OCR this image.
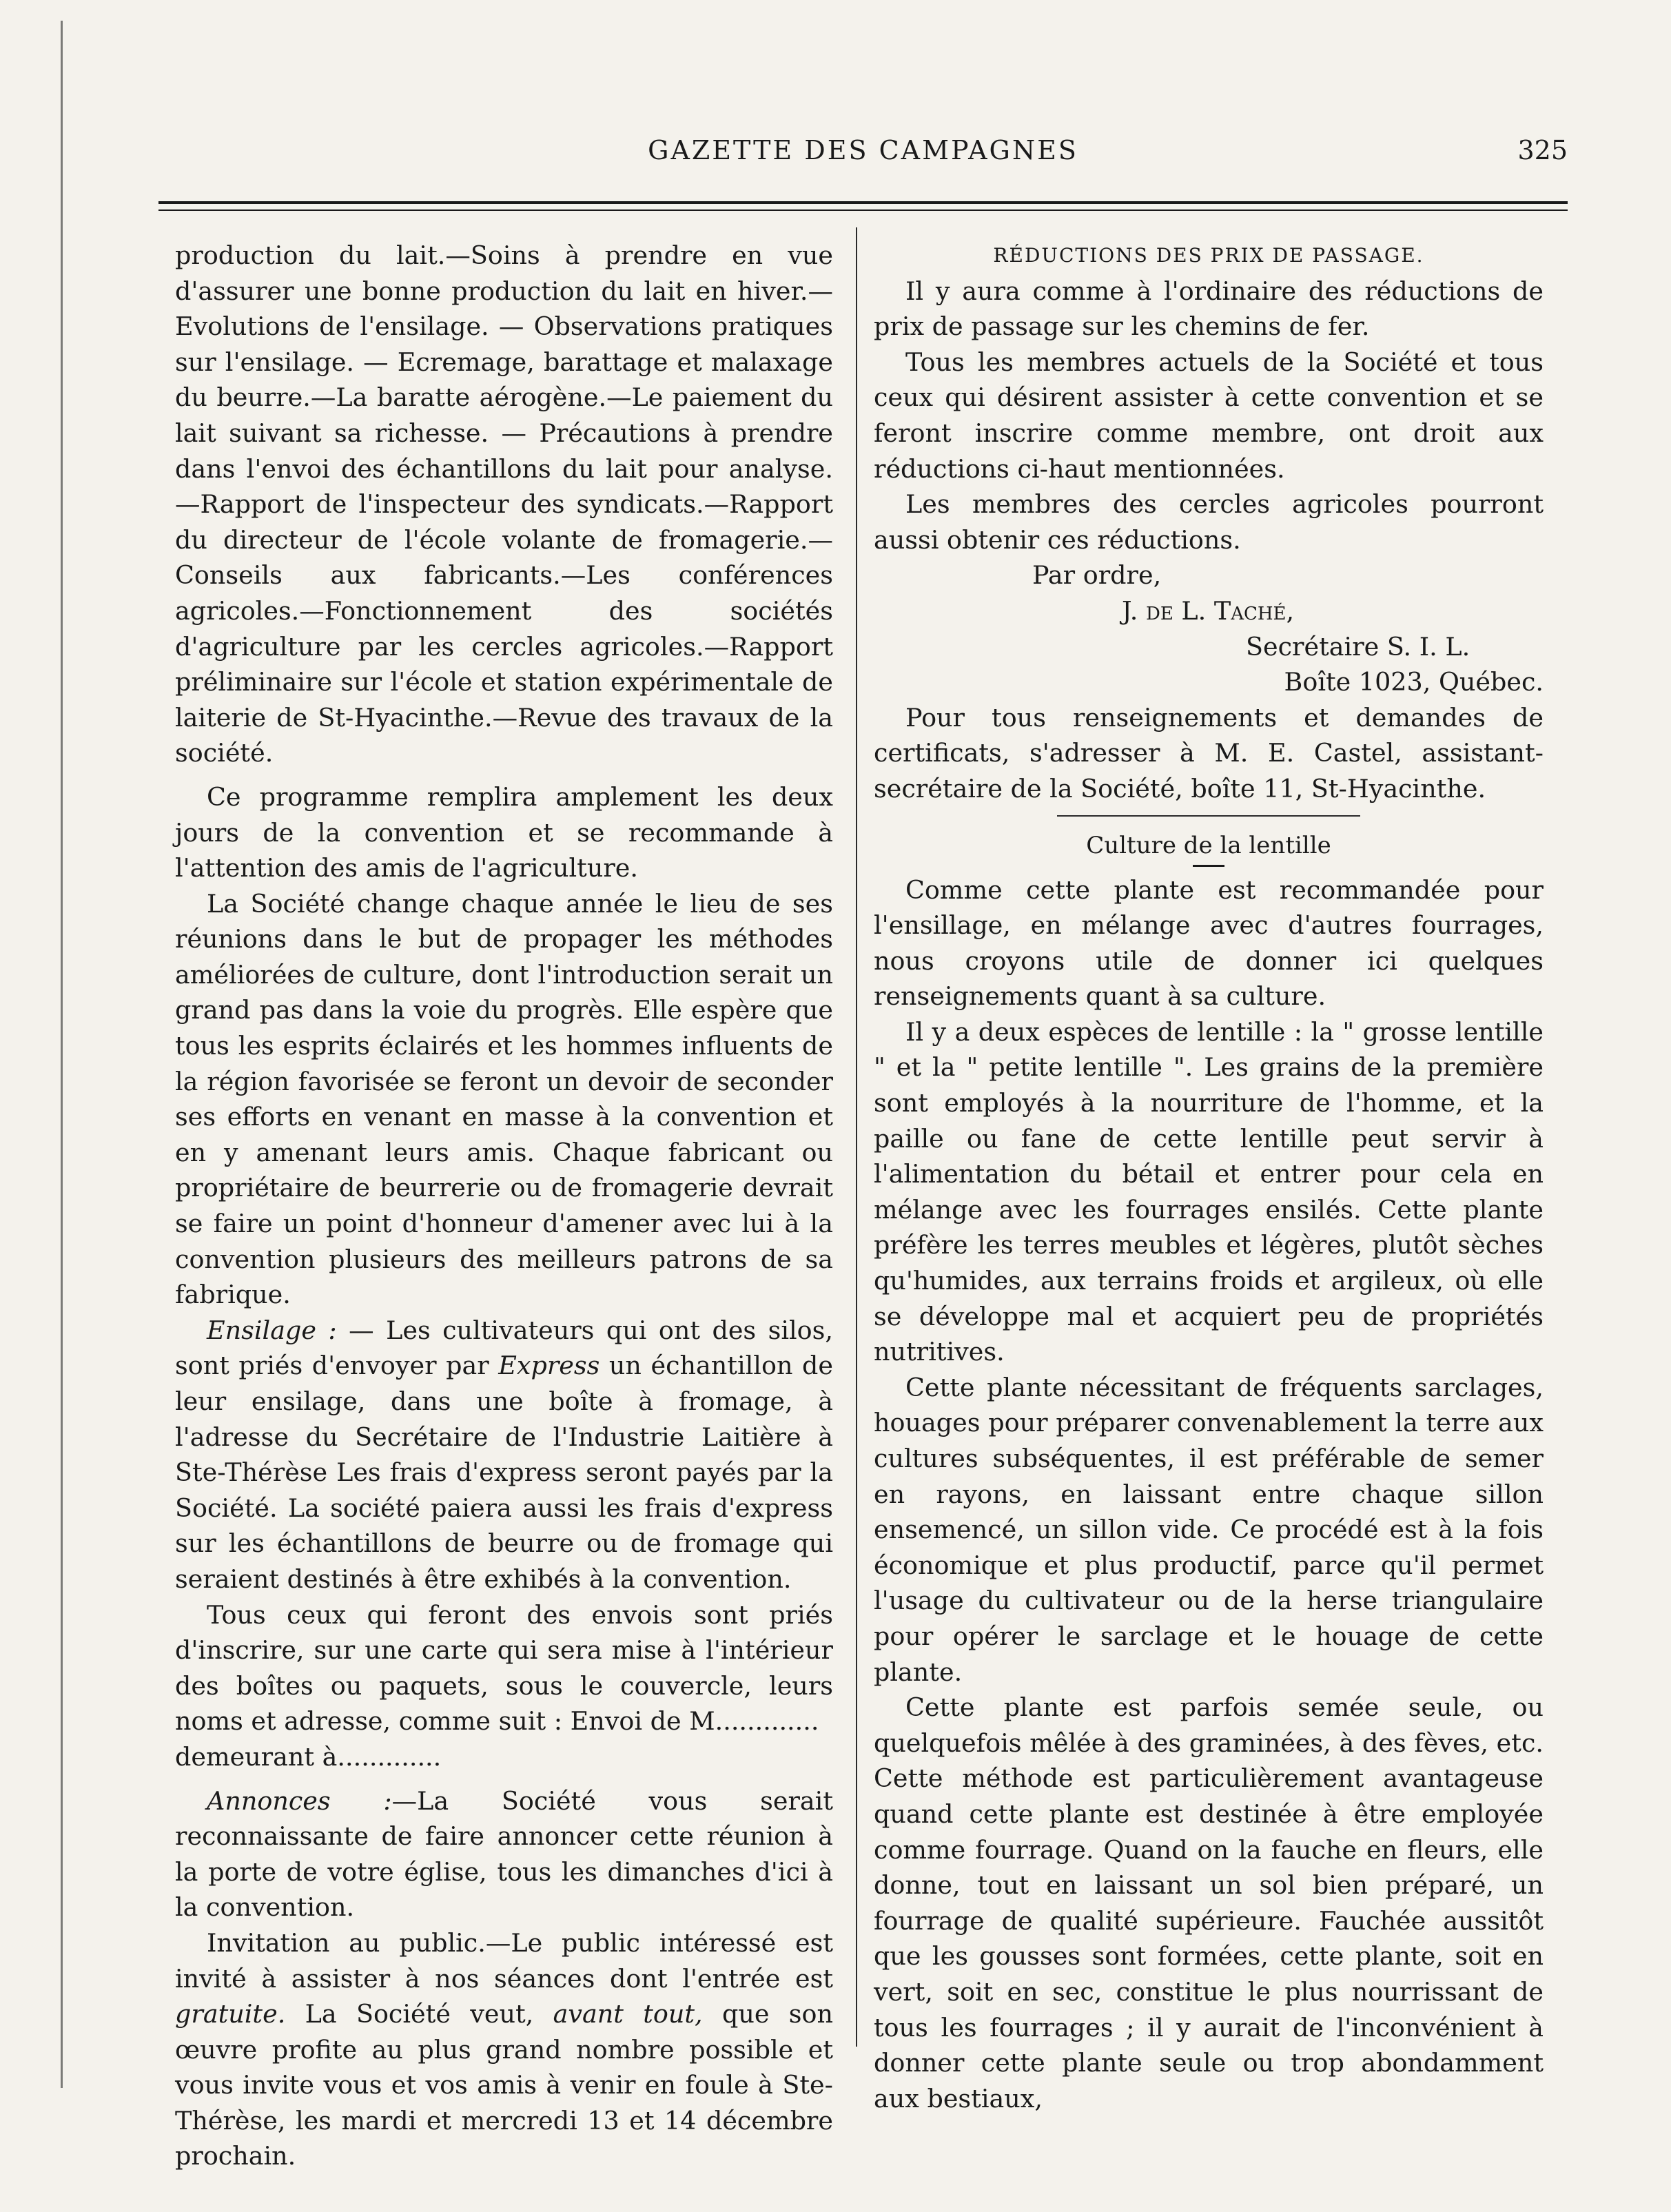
GAZETTE DES CAMPAGNES	325

production du lait.—Soins à prendre en vue d'assurer une bonne production du lait en hiver.—Evolutions de l'ensilage. — Observations pratiques sur l'ensilage. — Ecremage, barattage et malaxage du beurre.—La baratte aérogène.—Le paiement du lait suivant sa richesse. — Précautions à prendre dans l'envoi des échantillons du lait pour analyse.—Rapport de l'inspecteur des syndicats.—Rapport du directeur de l'école volante de fromagerie.—Conseils aux fabricants.—Les conférences agricoles.—Fonctionnement des sociétés d'agriculture par les cercles agricoles.—Rapport préliminaire sur l'école et station expérimentale de laiterie de St-Hyacinthe.—Revue des travaux de la société.

Ce programme remplira amplement les deux jours de la convention et se recommande à l'attention des amis de l'agriculture.

La Société change chaque année le lieu de ses réunions dans le but de propager les méthodes améliorées de culture, dont l'introduction serait un grand pas dans la voie du progrès. Elle espère que tous les esprits éclairés et les hommes influents de la région favorisée se feront un devoir de seconder ses efforts en venant en masse à la convention et en y amenant leurs amis. Chaque fabricant ou propriétaire de beurrerie ou de fromagerie devrait se faire un point d'honneur d'amener avec lui à la convention plusieurs des meilleurs patrons de sa fabrique.

Ensilage : — Les cultivateurs qui ont des silos, sont priés d'envoyer par Express un échantillon de leur ensilage, dans une boîte à fromage, à l'adresse du Secrétaire de l'Industrie Laitière à Ste-Thérèse Les frais d'express seront payés par la Société. La société paiera aussi les frais d'express sur les échantillons de beurre ou de fromage qui seraient destinés à être exhibés à la convention.

Tous ceux qui feront des envois sont priés d'inscrire, sur une carte qui sera mise à l'intérieur des boîtes ou paquets, sous le couvercle, leurs noms et adresse, comme suit : Envoi de M.............

demeurant à.............

Annonces :—La Société vous serait reconnaissante de faire annoncer cette réunion à la porte de votre église, tous les dimanches d'ici à la convention.

Invitation au public.—Le public intéressé est invité à assister à nos séances dont l'entrée est gratuite. La Société veut, avant tout, que son œuvre profite au plus grand nombre possible et vous invite vous et vos amis à venir en foule à Ste-Thérèse, les mardi et mercredi 13 et 14 décembre prochain.

RÉDUCTIONS DES PRIX DE PASSAGE.

Il y aura comme à l'ordinaire des réductions de prix de passage sur les chemins de fer.

Tous les membres actuels de la Société et tous ceux qui désirent assister à cette convention et se feront inscrire comme membre, ont droit aux réductions ci-haut mentionnées.

Les membres des cercles agricoles pourront aussi obtenir ces réductions.

Par ordre,
J. de L. Taché,
Secrétaire S. I. L.
Boîte 1023, Québec.

Pour tous renseignements et demandes de certificats, s'adresser à M. E. Castel, assistant-secrétaire de la Société, boîte 11, St-Hyacinthe.

Culture de la lentille

Comme cette plante est recommandée pour l'ensillage, en mélange avec d'autres fourrages, nous croyons utile de donner ici quelques renseignements quant à sa culture.

Il y a deux espèces de lentille : la " grosse lentille " et la " petite lentille ". Les grains de la première sont employés à la nourriture de l'homme, et la paille ou fane de cette lentille peut servir à l'alimentation du bétail et entrer pour cela en mélange avec les fourrages ensilés. Cette plante préfère les terres meubles et légères, plutôt sèches qu'humides, aux terrains froids et argileux, où elle se développe mal et acquiert peu de propriétés nutritives.

Cette plante nécessitant de fréquents sarclages, houages pour préparer convenablement la terre aux cultures subséquentes, il est préférable de semer en rayons, en laissant entre chaque sillon ensemencé, un sillon vide. Ce procédé est à la fois économique et plus productif, parce qu'il permet l'usage du cultivateur ou de la herse triangulaire pour opérer le sarclage et le houage de cette plante.

Cette plante est parfois semée seule, ou quelquefois mêlée à des graminées, à des fèves, etc. Cette méthode est particulièrement avantageuse quand cette plante est destinée à être employée comme fourrage. Quand on la fauche en fleurs, elle donne, tout en laissant un sol bien préparé, un fourrage de qualité supérieure. Fauchée aussitôt que les gousses sont formées, cette plante, soit en vert, soit en sec, constitue le plus nourrissant de tous les fourrages ; il y aurait de l'inconvénient à donner cette plante seule ou trop abondamment aux bestiaux,
